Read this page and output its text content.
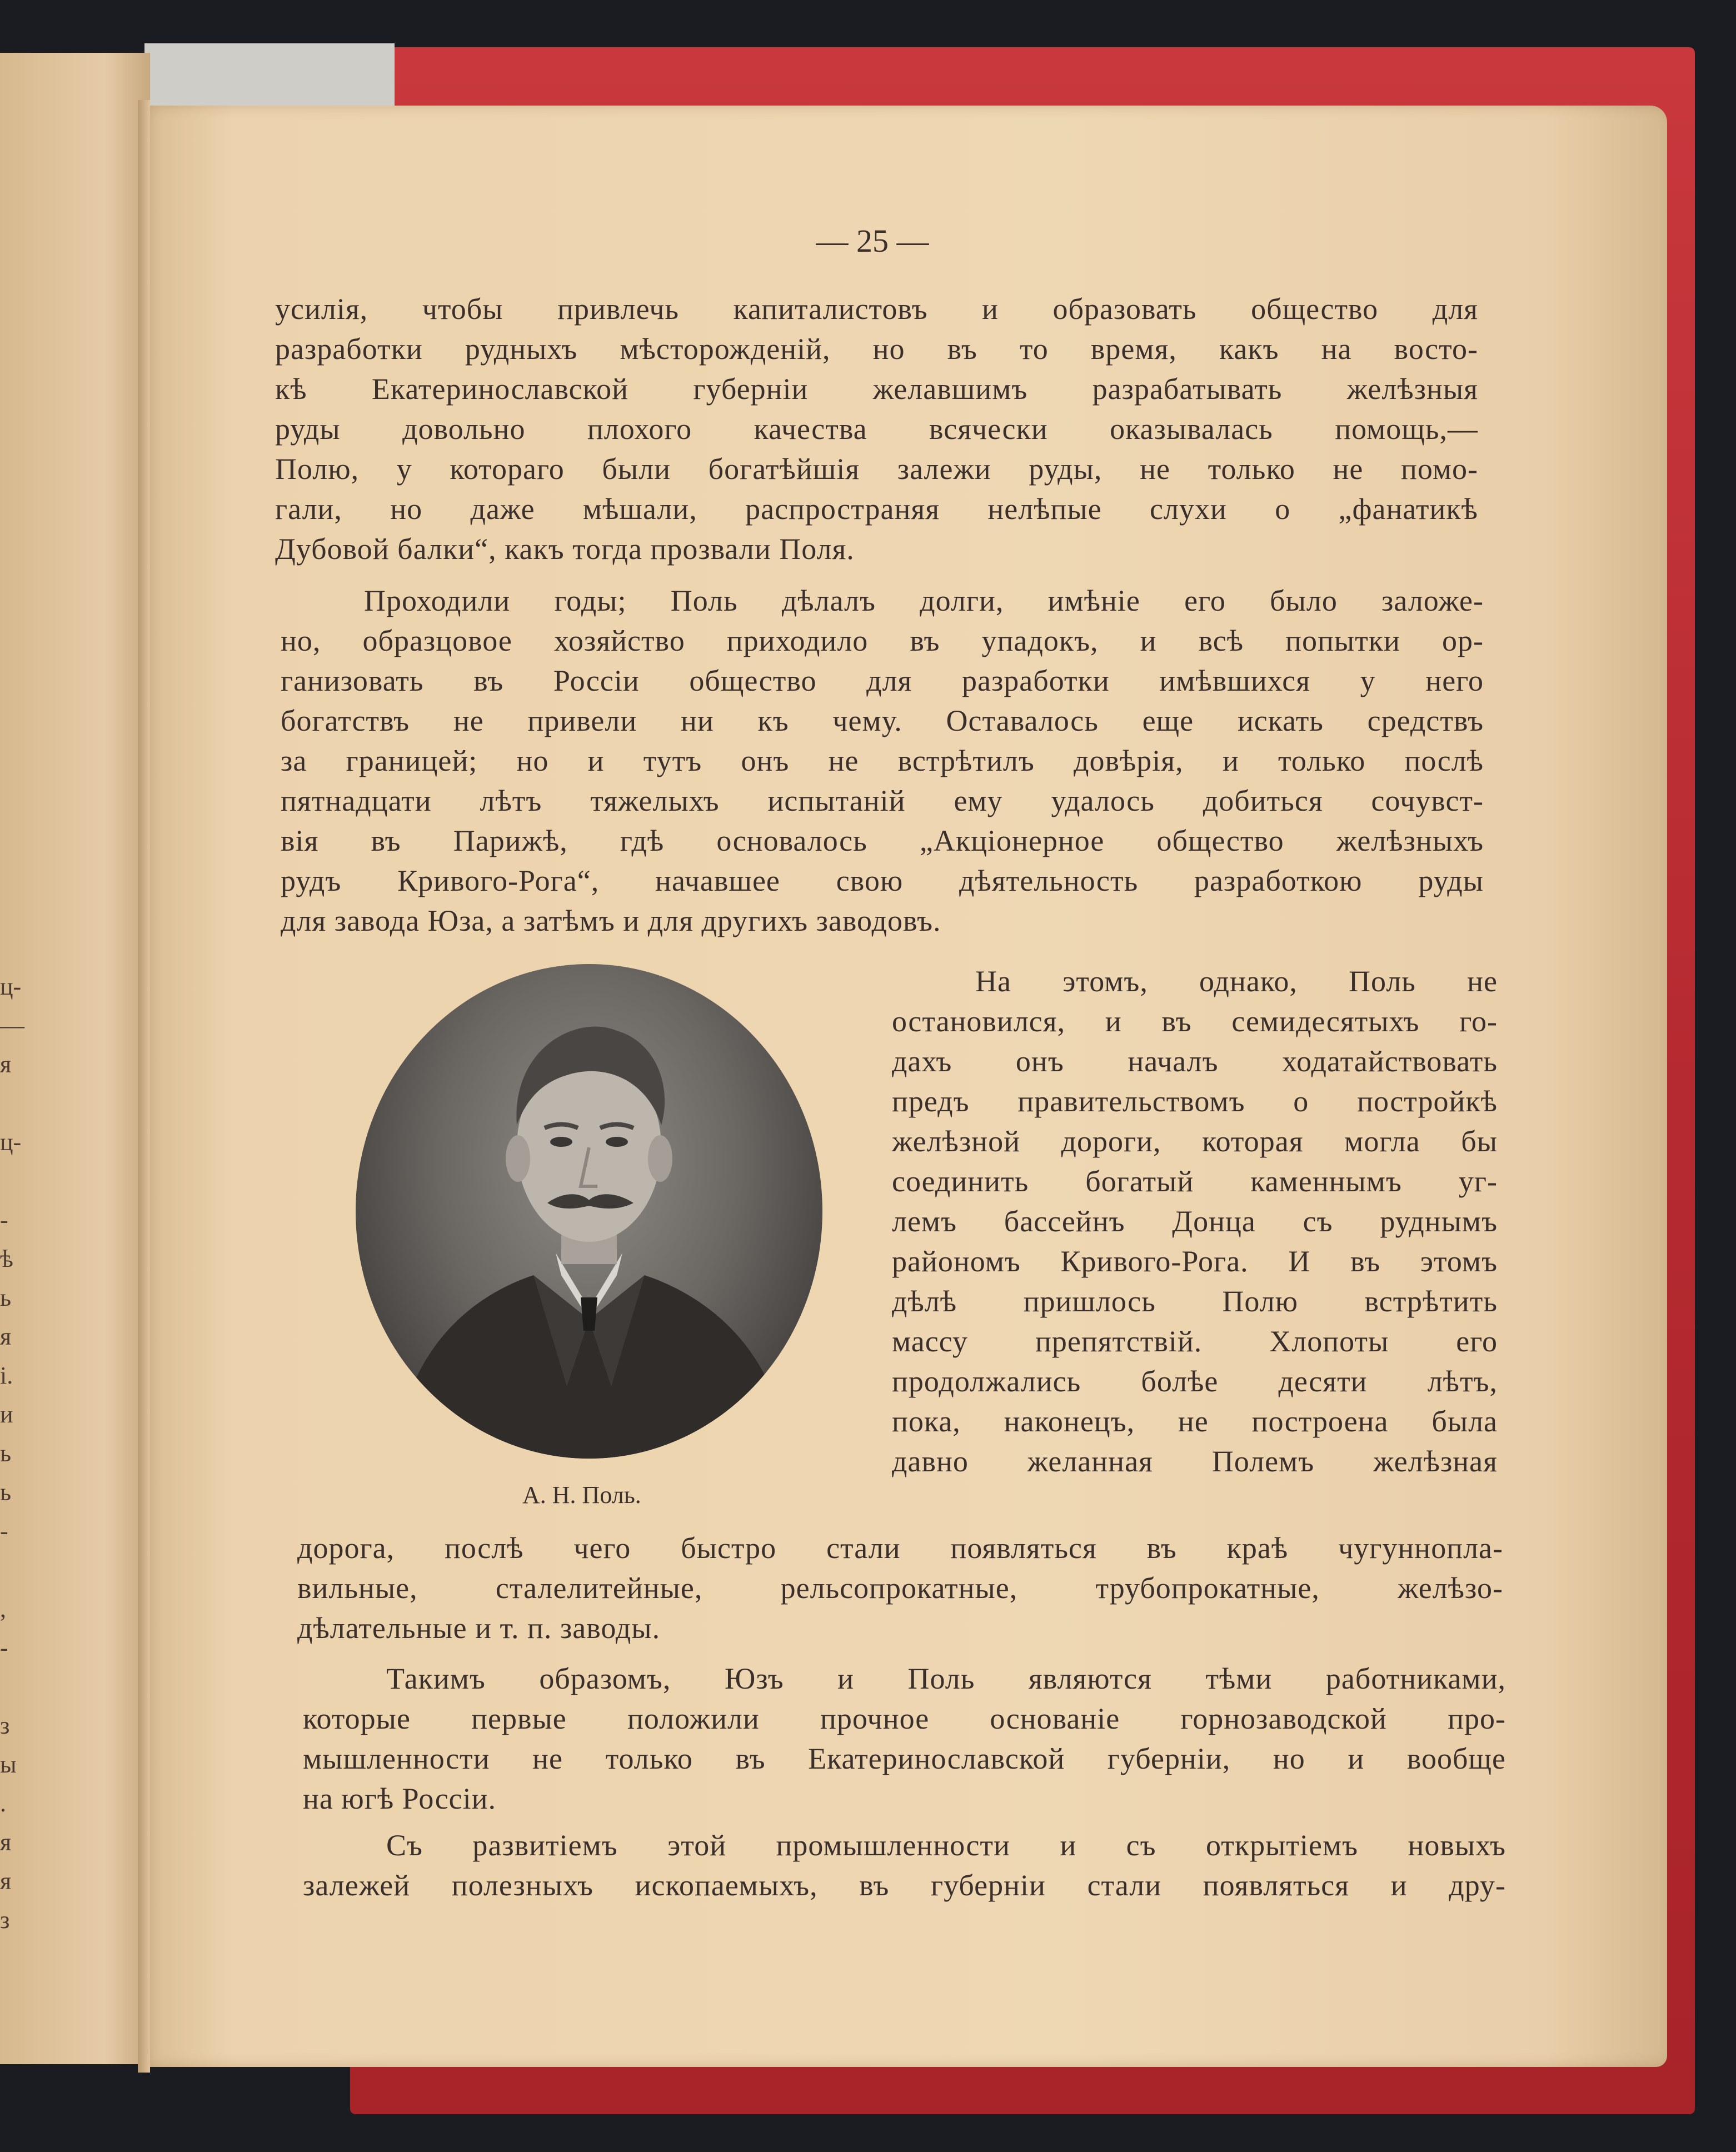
ц-
—
я
ц-
-
ѣ
ь
я
і.
и
ь
ь
-
,
-
з
ы
.
я
я
з
— 25 —
усилія, чтобы привлечь капиталистовъ и образовать общество для
разработки рудныхъ мѣсторожденій, но въ то время, какъ на восто-
кѣ Екатеринославской губерніи желавшимъ разрабатывать желѣзныя
руды довольно плохого качества всячески оказывалась помощь,—
Полю, у котораго были богатѣйшія залежи руды, не только не помо-
гали, но даже мѣшали, распространяя нелѣпые слухи о „фанатикѣ
Дубовой балки“, какъ тогда прозвали Поля.
Проходили годы; Поль дѣлалъ долги, имѣніе его было заложе-
но, образцовое хозяйство приходило въ упадокъ, и всѣ попытки ор-
ганизовать въ Россіи общество для разработки имѣвшихся у него
богатствъ не привели ни къ чему. Оставалось еще искать средствъ
за границей; но и тутъ онъ не встрѣтилъ довѣрія, и только послѣ
пятнадцати лѣтъ тяжелыхъ испытаній ему удалось добиться сочувст-
вія въ Парижѣ, гдѣ основалось „Акціонерное общество желѣзныхъ
рудъ Кривого-Рога“, начавшее свою дѣятельность разработкою руды
для завода Юза, а затѣмъ и для другихъ заводовъ.
А. Н. Поль.
На этомъ, однако, Поль не
остановился, и въ семидесятыхъ го-
дахъ онъ началъ ходатайствовать
предъ правительствомъ о постройкѣ
желѣзной дороги, которая могла бы
соединить богатый каменнымъ уг-
лемъ бассейнъ Донца съ руднымъ
райономъ Кривого-Рога. И въ этомъ
дѣлѣ пришлось Полю встрѣтить
массу препятствій. Хлопоты его
продолжались болѣе десяти лѣтъ,
пока, наконецъ, не построена была
давно желанная Полемъ желѣзная
дорога, послѣ чего быстро стали появляться въ краѣ чугуннопла-
вильные, сталелитейные, рельсопрокатные, трубопрокатные, желѣзо-
дѣлательные и т. п. заводы.
Такимъ образомъ, Юзъ и Поль являются тѣми работниками,
которые первые положили прочное основаніе горнозаводской про-
мышленности не только въ Екатеринославской губерніи, но и вообще
на югѣ Россіи.
Съ развитіемъ этой промышленности и съ открытіемъ новыхъ
залежей полезныхъ ископаемыхъ, въ губерніи стали появляться и дру-
